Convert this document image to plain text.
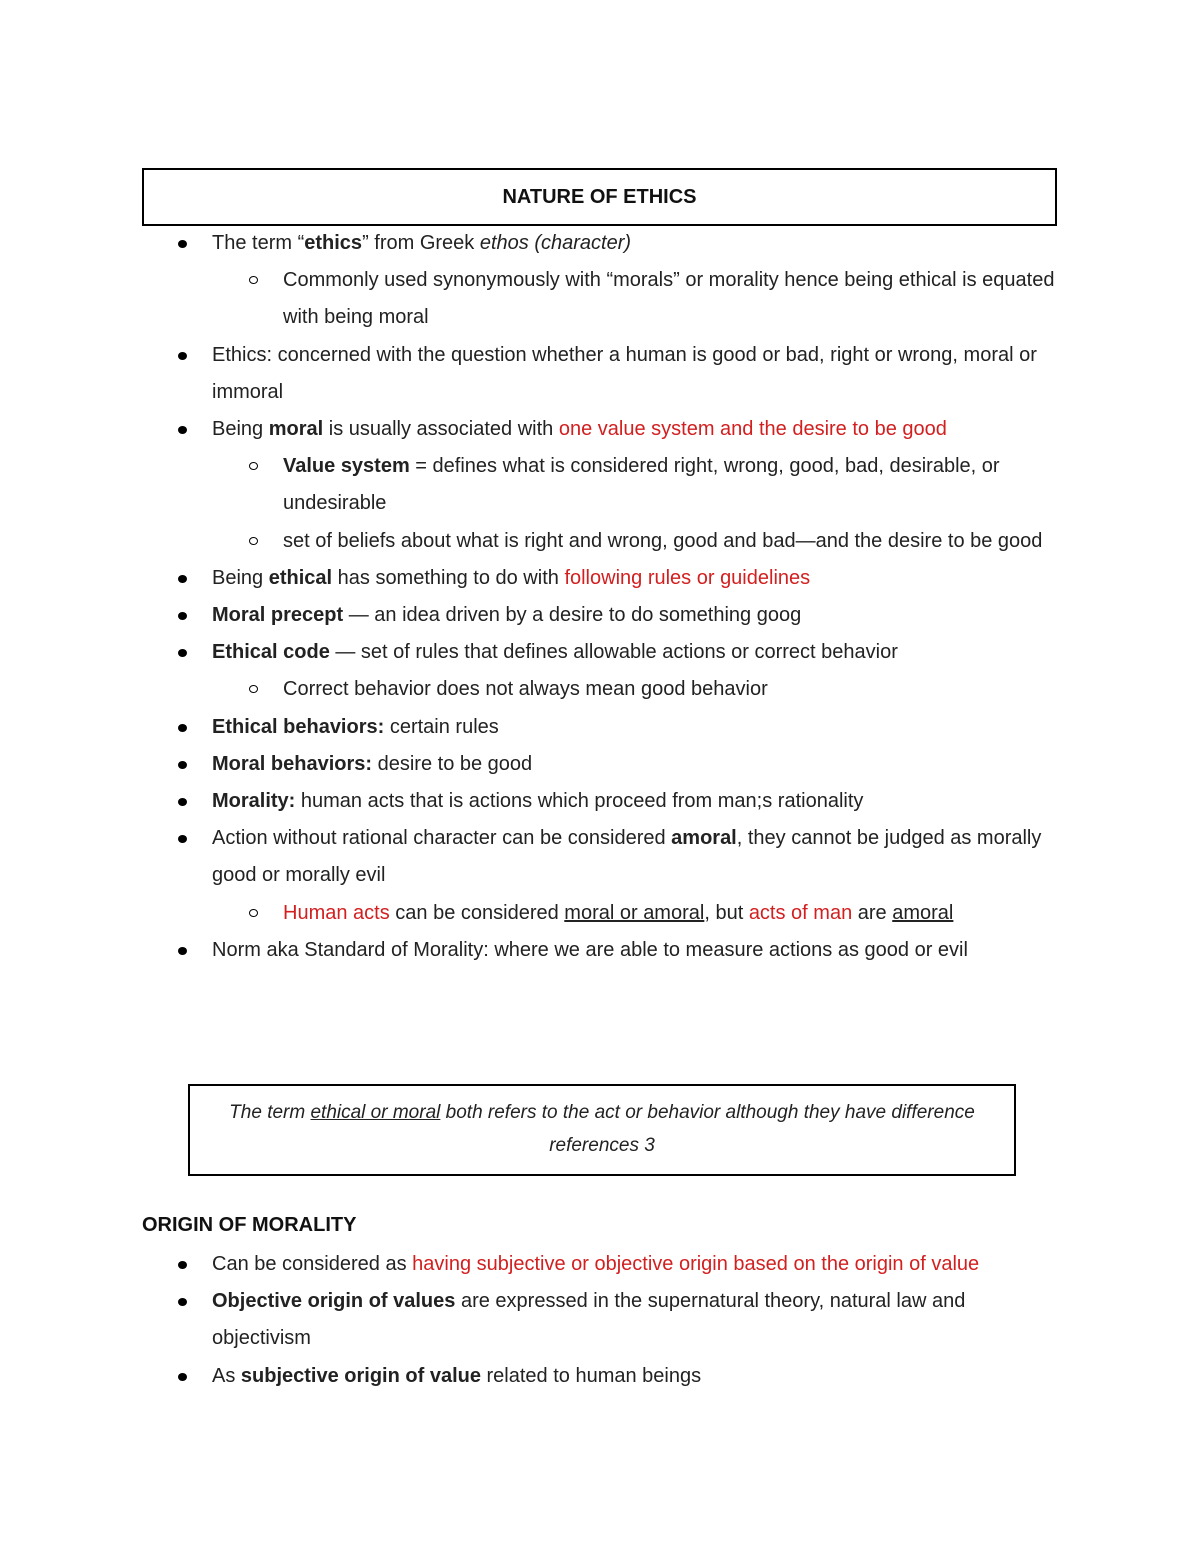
NATURE OF ETHICS
The term “ethics” from Greek ethos (character)
Commonly used synonymously with “morals” or morality hence being ethical is equated with being moral
Ethics: concerned with the question whether a human is good or bad, right or wrong, moral or immoral
Being moral is usually associated with one value system and the desire to be good
Value system = defines what is considered right, wrong, good, bad, desirable, or undesirable
set of beliefs about what is right and wrong, good and bad—and the desire to be good
Being ethical has something to do with following rules or guidelines
Moral precept — an idea driven by a desire to do something goog
Ethical code — set of rules that defines allowable actions or correct behavior
Correct behavior does not always mean good behavior
Ethical behaviors: certain rules
Moral behaviors: desire to be good
Morality: human acts that is actions which proceed from man;s rationality
Action without rational character can be considered amoral, they cannot be judged as morally good or morally evil
Human acts can be considered moral or amoral, but acts of man are amoral
Norm aka Standard of Morality: where we are able to measure actions as good or evil
The term ethical or moral both refers to the act or behavior although they have difference references 3
ORIGIN OF MORALITY
Can be considered as having subjective or objective origin based on the origin of value
Objective origin of values are expressed in the supernatural theory, natural law and objectivism
As subjective origin of value related to human beings
